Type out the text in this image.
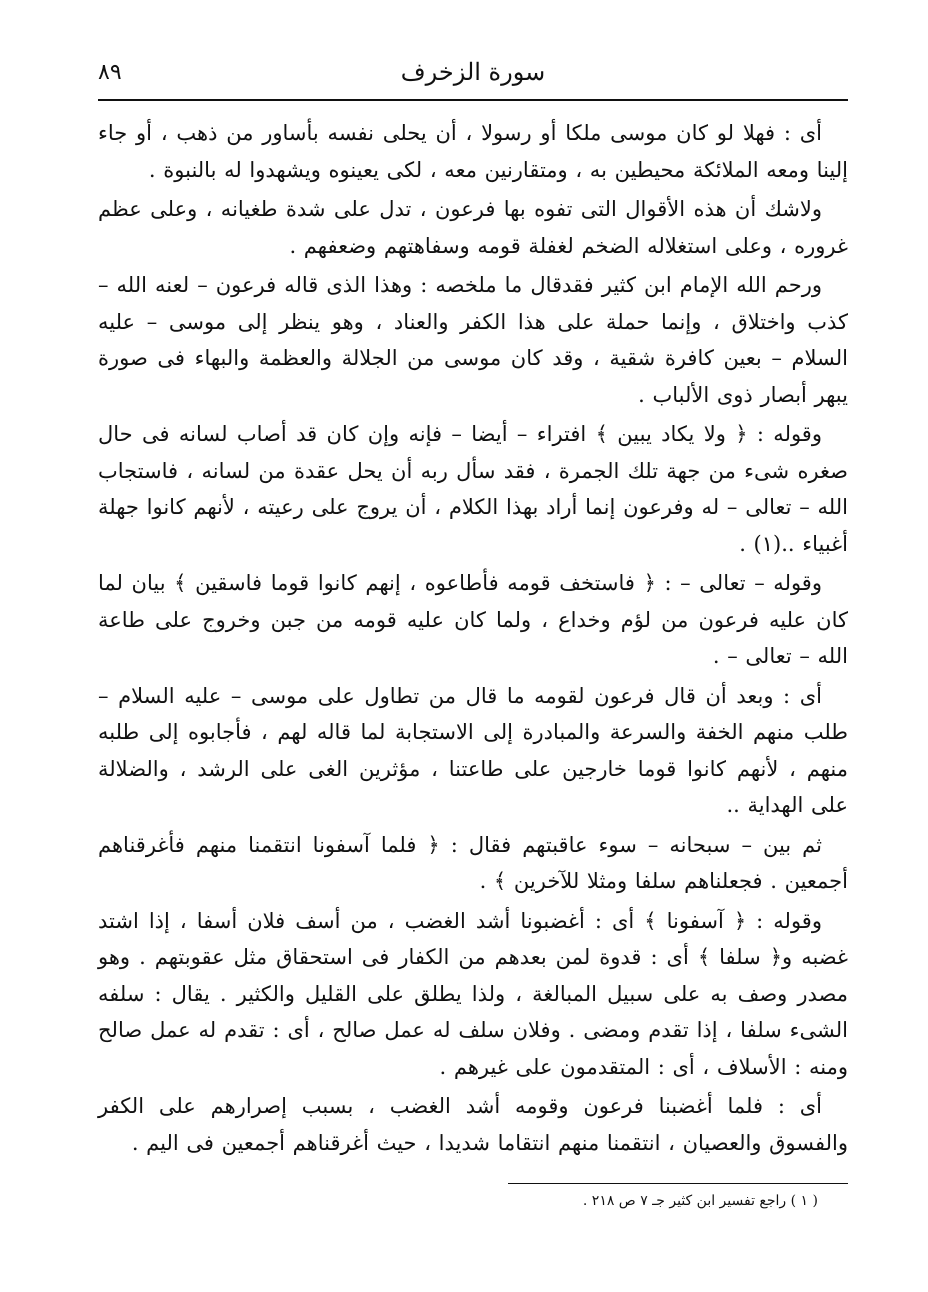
سورة الزخرف
٨٩

أى : فهلا لو كان موسى ملكا أو رسولا ، أن يحلى نفسه بأساور من ذهب ، أو جاء إلينا ومعه الملائكة محيطين به ، ومتقارنين معه ، لكى يعينوه ويشهدوا له بالنبوة .

ولاشك أن هذه الأقوال التى تفوه بها فرعون ، تدل على شدة طغيانه ، وعلى عظم غروره ، وعلى استغلاله الضخم لغفلة قومه وسفاهتهم وضعفهم .

ورحم الله الإمام ابن كثير فقدقال ما ملخصه : وهذا الذى قاله فرعون – لعنه الله – كذب واختلاق ، وإنما حملة على هذا الكفر والعناد ، وهو ينظر إلى موسى – عليه السلام – بعين كافرة شقية ، وقد كان موسى من الجلالة والعظمة والبهاء فى صورة يبهر أبصار ذوى الألباب .

وقوله : ﴿ ولا يكاد يبين ﴾ افتراء – أيضا – فإنه وإن كان قد أصاب لسانه فى حال صغره شىء من جهة تلك الجمرة ، فقد سأل ربه أن يحل عقدة من لسانه ، فاستجاب الله – تعالى – له وفرعون إنما أراد بهذا الكلام ، أن يروج على رعيته ، لأنهم كانوا جهلة أغبياء ..(١) .

وقوله – تعالى – : ﴿ فاستخف قومه فأطاعوه ، إنهم كانوا قوما فاسقين ﴾ بيان لما كان عليه فرعون من لؤم وخداع ، ولما كان عليه قومه من جبن وخروج على طاعة الله – تعالى – .

أى : وبعد أن قال فرعون لقومه ما قال من تطاول على موسى – عليه السلام – طلب منهم الخفة والسرعة والمبادرة إلى الاستجابة لما قاله لهم ، فأجابوه إلى طلبه منهم ، لأنهم كانوا قوما خارجين على طاعتنا ، مؤثرين الغى على الرشد ، والضلالة على الهداية ..

ثم بين – سبحانه – سوء عاقبتهم فقال : ﴿ فلما آسفونا انتقمنا منهم فأغرقناهم أجمعين . فجعلناهم سلفا ومثلا للآخرين ﴾ .

وقوله : ﴿ آسفونا ﴾ أى : أغضبونا أشد الغضب ، من أسف فلان أسفا ، إذا اشتد غضبه و﴿ سلفا ﴾ أى : قدوة لمن بعدهم من الكفار فى استحقاق مثل عقوبتهم . وهو مصدر وصف به على سبيل المبالغة ، ولذا يطلق على القليل والكثير . يقال : سلفه الشىء سلفا ، إذا تقدم ومضى . وفلان سلف له عمل صالح ، أى : تقدم له عمل صالح ومنه : الأسلاف ، أى : المتقدمون على غيرهم .

أى : فلما أغضبنا فرعون وقومه أشد الغضب ، بسبب إصرارهم على الكفر والفسوق والعصيان ، انتقمنا منهم انتقاما شديدا ، حيث أغرقناهم أجمعين فى اليم .

( ١ ) راجع تفسير ابن كثير جـ ٧ ص ٢١٨ .
